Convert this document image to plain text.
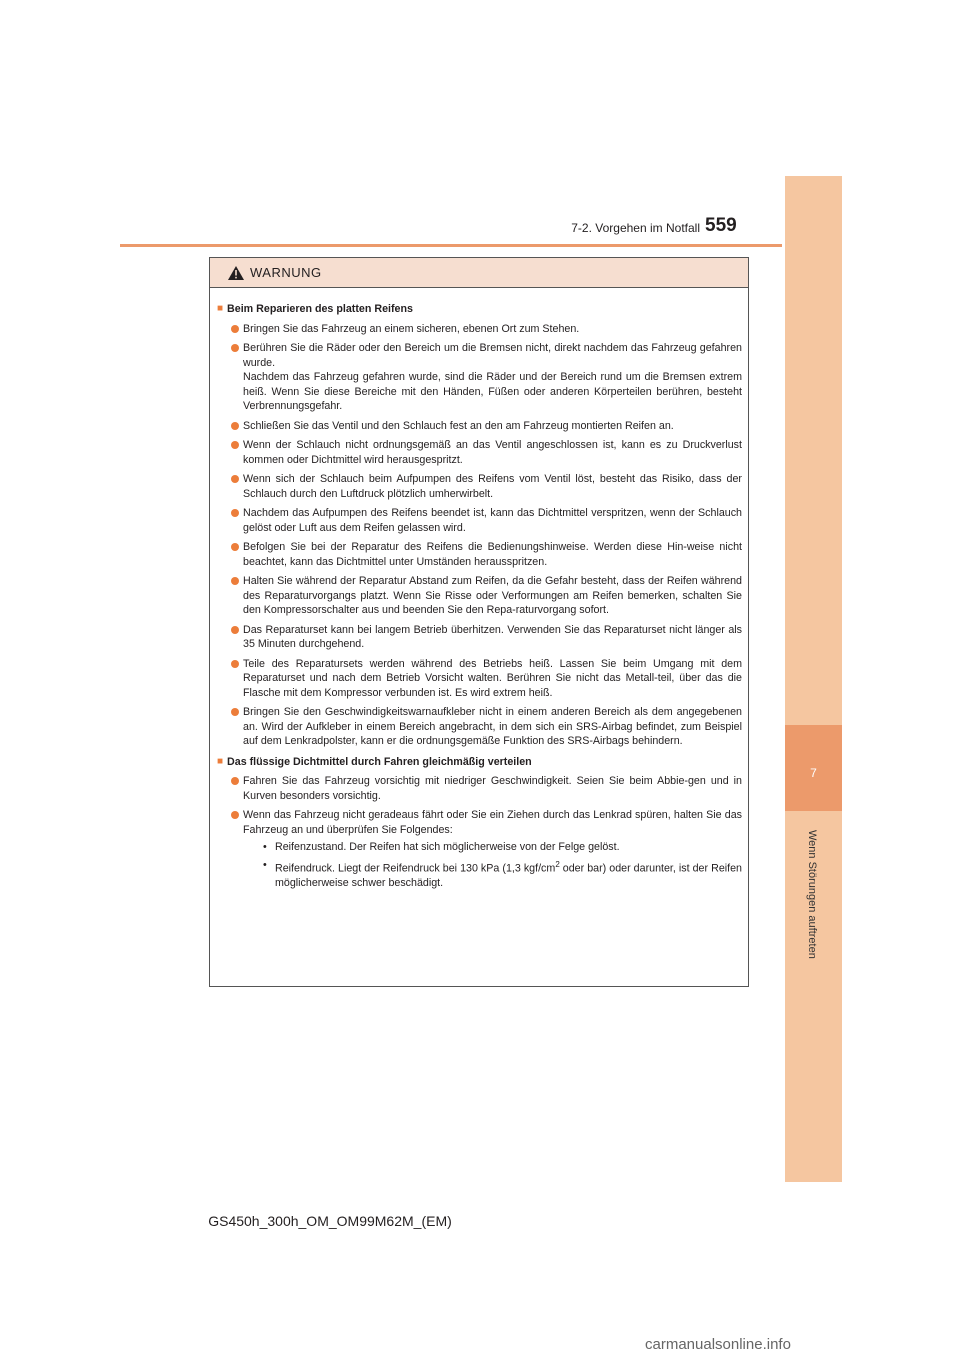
7
Wenn Störungen auftreten
7-2. Vorgehen im Notfall 559
WARNUNG
■ Beim Reparieren des platten Reifens
Bringen Sie das Fahrzeug an einem sicheren, ebenen Ort zum Stehen.

Berühren Sie die Räder oder den Bereich um die Bremsen nicht, direkt nachdem das Fahrzeug gefahren wurde.

Nachdem das Fahrzeug gefahren wurde, sind die Räder und der Bereich rund um die Bremsen extrem heiß. Wenn Sie diese Bereiche mit den Händen, Füßen oder anderen Körperteilen berühren, besteht Verbrennungsgefahr.

Schließen Sie das Ventil und den Schlauch fest an den am Fahrzeug montierten Reifen an.
Wenn der Schlauch nicht ordnungsgemäß an das Ventil angeschlossen ist, kann es zu Druckverlust kommen oder Dichtmittel wird herausgespritzt.
Wenn sich der Schlauch beim Aufpumpen des Reifens vom Ventil löst, besteht das Risiko, dass der Schlauch durch den Luftdruck plötzlich umherwirbelt.
Nachdem das Aufpumpen des Reifens beendet ist, kann das Dichtmittel verspritzen, wenn der Schlauch gelöst oder Luft aus dem Reifen gelassen wird.
Befolgen Sie bei der Reparatur des Reifens die Bedienungshinweise. Werden diese Hin-weise nicht beachtet, kann das Dichtmittel unter Umständen herausspritzen.
Halten Sie während der Reparatur Abstand zum Reifen, da die Gefahr besteht, dass der Reifen während des Reparaturvorgangs platzt. Wenn Sie Risse oder Verformungen am Reifen bemerken, schalten Sie den Kompressorschalter aus und beenden Sie den Repa-raturvorgang sofort.
Das Reparaturset kann bei langem Betrieb überhitzen. Verwenden Sie das Reparaturset nicht länger als 35 Minuten durchgehend.
Teile des Reparatursets werden während des Betriebs heiß. Lassen Sie beim Umgang mit dem Reparaturset und nach dem Betrieb Vorsicht walten. Berühren Sie nicht das Metall-teil, über das die Flasche mit dem Kompressor verbunden ist. Es wird extrem heiß.
Bringen Sie den Geschwindigkeitswarnaufkleber nicht in einem anderen Bereich als dem angegebenen an. Wird der Aufkleber in einem Bereich angebracht, in dem sich ein SRS-Airbag befindet, zum Beispiel auf dem Lenkradpolster, kann er die ordnungsgemäße Funktion des SRS-Airbags behindern.
■ Das flüssige Dichtmittel durch Fahren gleichmäßig verteilen
Fahren Sie das Fahrzeug vorsichtig mit niedriger Geschwindigkeit. Seien Sie beim Abbie-gen und in Kurven besonders vorsichtig.

Wenn das Fahrzeug nicht geradeaus fährt oder Sie ein Ziehen durch das Lenkrad spüren, halten Sie das Fahrzeug an und überprüfen Sie Folgendes:

• Reifenzustand. Der Reifen hat sich möglicherweise von der Felge gelöst.
• Reifendruck. Liegt der Reifendruck bei 130 kPa (1,3 kgf/$cm^2$ oder bar) oder darunter, ist der Reifen möglicherweise schwer beschädigt.
GS450h_300h_OM_OM99M62M_(EM)
carmanualsonline.info
